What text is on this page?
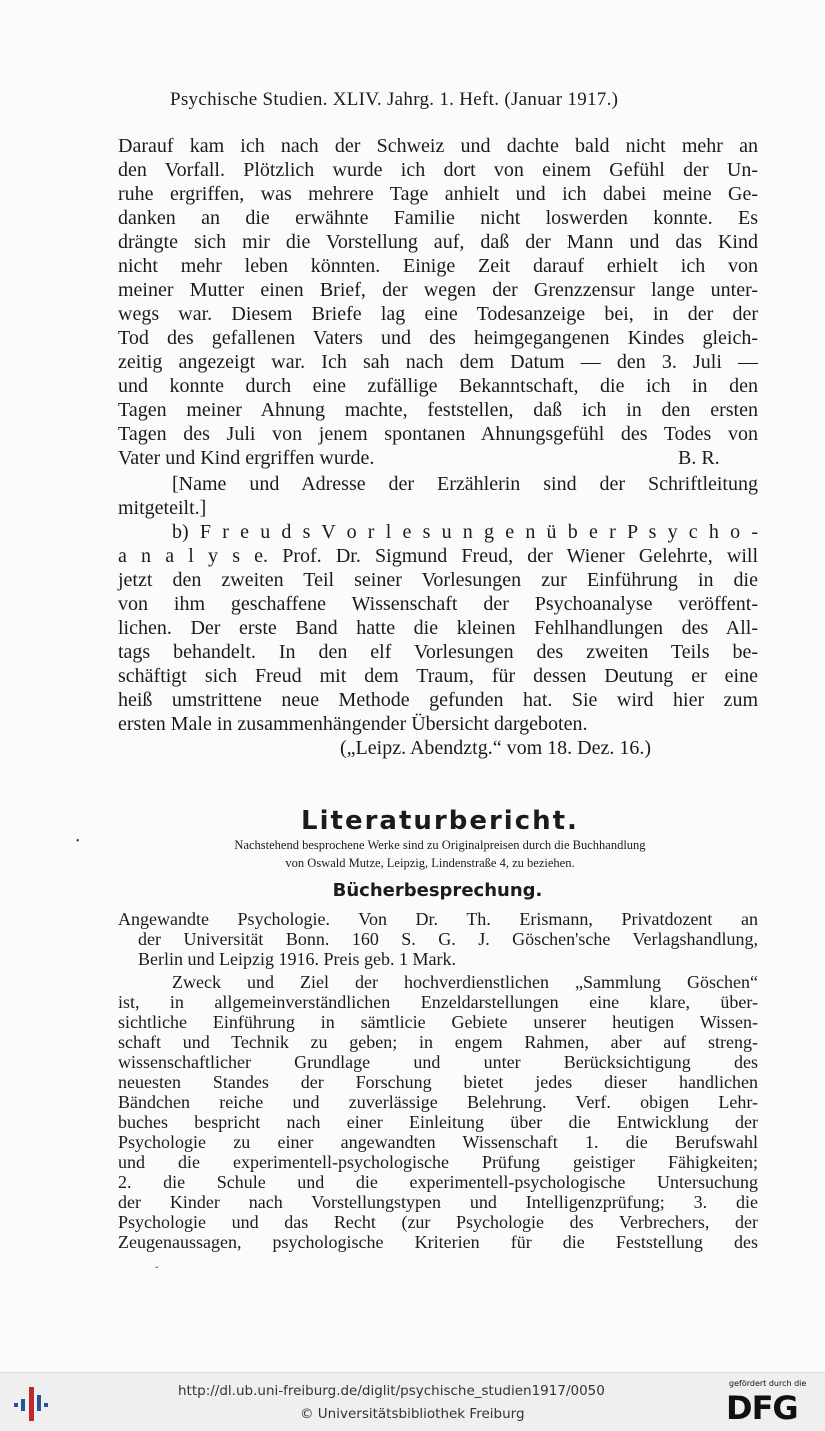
Psychische Studien. XLIV. Jahrg. 1. Heft. (Januar 1917.)
Darauf kam ich nach der Schweiz und dachte bald nicht mehr an
den Vorfall. Plötzlich wurde ich dort von einem Gefühl der Un-
ruhe ergriffen, was mehrere Tage anhielt und ich dabei meine Ge-
danken an die erwähnte Familie nicht loswerden konnte. Es
drängte sich mir die Vorstellung auf, daß der Mann und das Kind
nicht mehr leben könnten. Einige Zeit darauf erhielt ich von
meiner Mutter einen Brief, der wegen der Grenzzensur lange unter-
wegs war. Diesem Briefe lag eine Todesanzeige bei, in der der
Tod des gefallenen Vaters und des heimgegangenen Kindes gleich-
zeitig angezeigt war. Ich sah nach dem Datum — den 3. Juli —
und konnte durch eine zufällige Bekanntschaft, die ich in den
Tagen meiner Ahnung machte, feststellen, daß ich in den ersten
Tagen des Juli von jenem spontanen Ahnungsgefühl des Todes von
Vater und Kind ergriffen wurde.	B. R.
[Name und Adresse der Erzählerin sind der Schriftleitung
mitgeteilt.]
b) F r e u d s V o r l e s u n g e n ü b e r P s y c h o -
a n a l y s e. Prof. Dr. Sigmund Freud, der Wiener Gelehrte, will
jetzt den zweiten Teil seiner Vorlesungen zur Einführung in die
von ihm geschaffene Wissenschaft der Psychoanalyse veröffent-
lichen. Der erste Band hatte die kleinen Fehlhandlungen des All-
tags behandelt. In den elf Vorlesungen des zweiten Teils be-
schäftigt sich Freud mit dem Traum, für dessen Deutung er eine
heiß umstrittene neue Methode gefunden hat. Sie wird hier zum
ersten Male in zusammenhängender Übersicht dargeboten.
(„Leipz. Abendztg.“ vom 18. Dez. 16.)
Literaturbericht.
Nachstehend besprochene Werke sind zu Originalpreisen durch die Buchhandlung
von Oswald Mutze, Leipzig, Lindenstraße 4, zu beziehen.
•
Bücherbesprechung.
Angewandte Psychologie. Von Dr. Th. Erismann, Privatdozent an
der Universität Bonn. 160 S. G. J. Göschen'sche Verlagshandlung,
Berlin und Leipzig 1916. Preis geb. 1 Mark.
Zweck und Ziel der hochverdienstlichen „Sammlung Göschen“
ist, in allgemeinverständlichen Enzeldarstellungen eine klare, über-
sichtliche Einführung in sämtlicie Gebiete unserer heutigen Wissen-
schaft und Technik zu geben; in engem Rahmen, aber auf streng-
wissenschaftlicher Grundlage und unter Berücksichtigung des
neuesten Standes der Forschung bietet jedes dieser handlichen
Bändchen reiche und zuverlässige Belehrung. Verf. obigen Lehr-
buches bespricht nach einer Einleitung über die Entwicklung der
Psychologie zu einer angewandten Wissenschaft 1. die Berufswahl
und die experimentell-psychologische Prüfung geistiger Fähigkeiten;
2. die Schule und die experimentell-psychologische Untersuchung
der Kinder nach Vorstellungstypen und Intelligenzprüfung; 3. die
Psychologie und das Recht (zur Psychologie des Verbrechers, der
Zeugenaussagen, psychologische Kriterien für die Feststellung des
ˇ
http://dl.ub.uni-freiburg.de/diglit/psychische_studien1917/0050
© Universitätsbibliothek Freiburg
gefördert durch die
DFG
